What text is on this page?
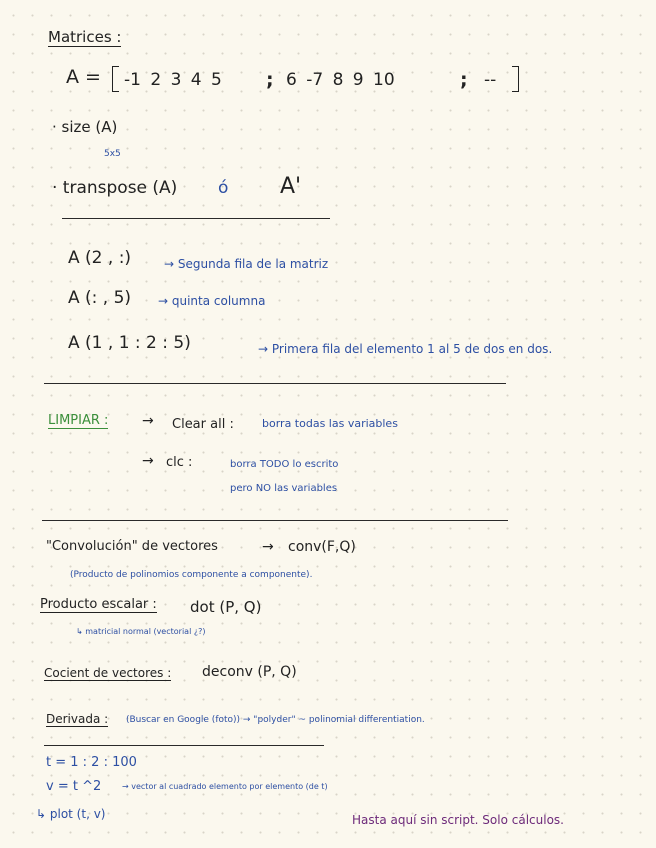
Matrices :
A = -1 2 3 4 5 ; 6 -7 8 9 10	; --
· size (A)
5x5
· transpose (A) ó A'
A (2 , :)	→ Segunda fila de la matriz
A (: , 5) → quinta columna
A (1 , 1 : 2 : 5)	→ Primera fila del elemento 1 al 5 de dos en dos.
LIMPIAR : → Clear all :	borra todas las variables
→ clc :	borra TODO lo escrito
pero NO las variables
"Convolución" de vectores	→ conv(F,Q)
(Producto de polinomios componente a componente).
Producto escalar : dot (P, Q)
↳ matricial normal (vectorial ¿?)
Cocient de vectores : deconv (P, Q)
Derivada : (Buscar en Google (foto)) → "polyder" ~ polinomial differentiation.
t = 1 : 2 : 100
v = t ^2	→ vector al cuadrado elemento por elemento (de t)
↳ plot (t, v)	Hasta aquí sin script. Solo cálculos.
